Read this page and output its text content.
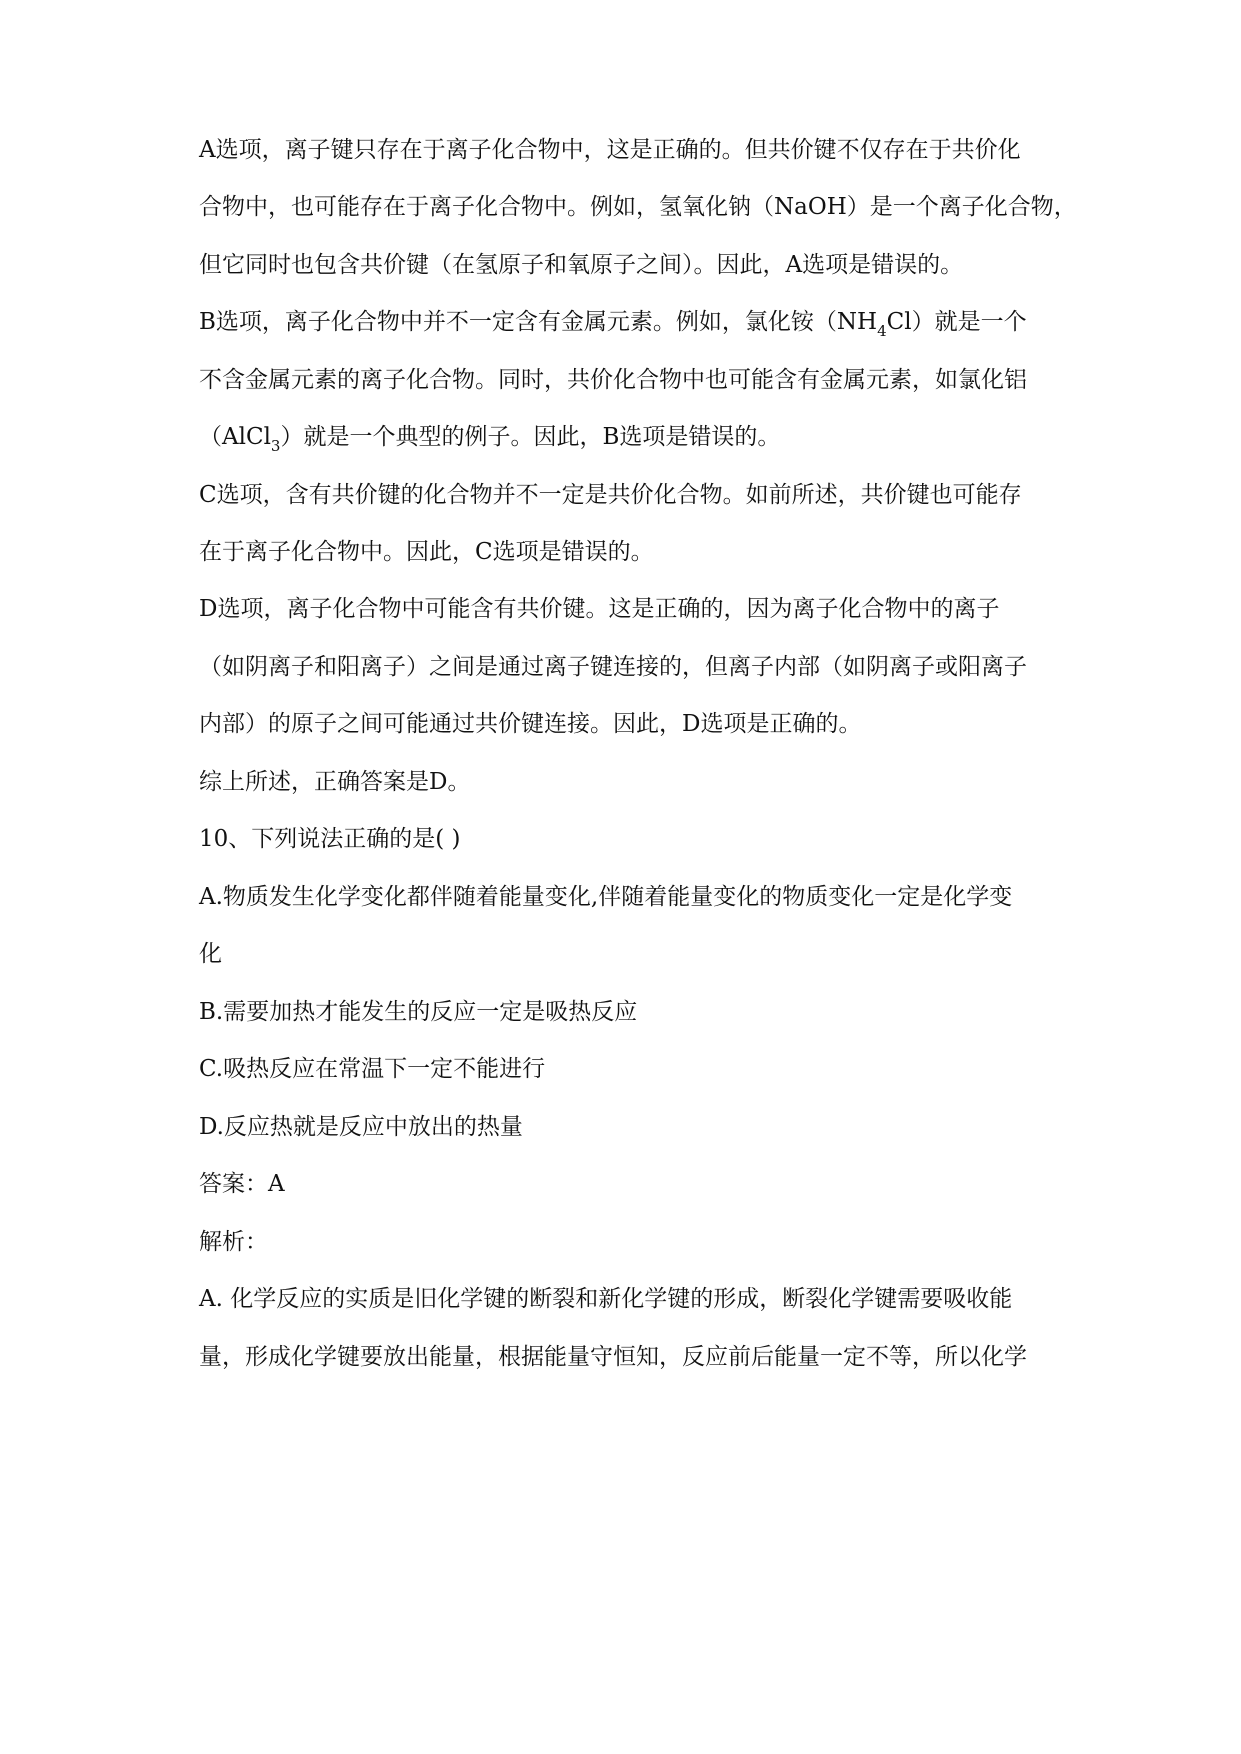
A选项，离子键只存在于离子化合物中，这是正确的。但共价键不仅存在于共价化
合物中，也可能存在于离子化合物中。例如，氢氧化钠（NaOH）是一个离子化合物，
但它同时也包含共价键（在氢原子和氧原子之间）。因此，A选项是错误的。
B选项，离子化合物中并不一定含有金属元素。例如，氯化铵$(NH_4Cl)$就是一个
不含金属元素的离子化合物。同时，共价化合物中也可能含有金属元素，如氯化铝
（AlCl$_3$）就是一个典型的例子。因此，B选项是错误的。
C选项，含有共价键的化合物并不一定是共价化合物。如前所述，共价键也可能存
在于离子化合物中。因此，C选项是错误的。
D选项，离子化合物中可能含有共价键。这是正确的，因为离子化合物中的离子
（如阴离子和阳离子）之间是通过离子键连接的，但离子内部（如阴离子或阳离子
内部）的原子之间可能通过共价键连接。因此，D选项是正确的。
综上所述，正确答案是D。
10、下列说法正确的是( )
A.物质发生化学变化都伴随着能量变化,伴随着能量变化的物质变化一定是化学变
化
B.需要加热才能发生的反应一定是吸热反应
C.吸热反应在常温下一定不能进行
D.反应热就是反应中放出的热量
答案：A
解析：
A. 化学反应的实质是旧化学键的断裂和新化学键的形成，断裂化学键需要吸收能
量，形成化学键要放出能量，根据能量守恒知，反应前后能量一定不等，所以化学
